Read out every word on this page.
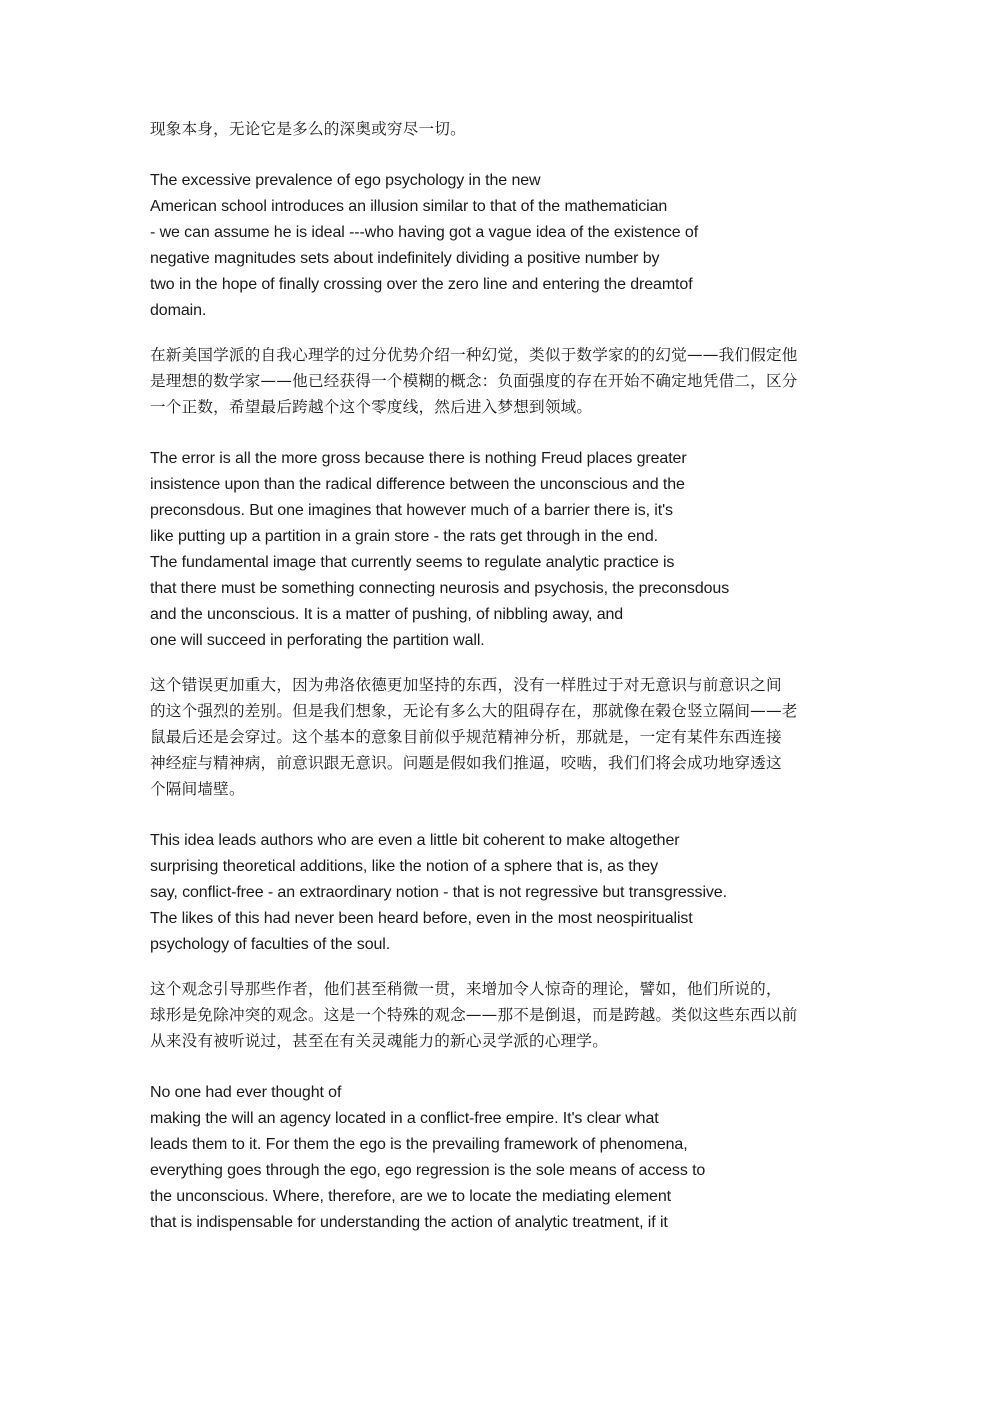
现象本身，无论它是多么的深奥或穷尽一切。
The excessive prevalence of ego psychology in the new
American school introduces an illusion similar to that of the mathematician
- we can assume he is ideal ---who having got a vague idea of the existence of
negative magnitudes sets about indefinitely dividing a positive number by
two in the hope of finally crossing over the zero line and entering the dreamtof
domain.
在新美国学派的自我心理学的过分优势介绍一种幻觉，类似于数学家的的幻觉——我们假定他
是理想的数学家——他已经获得一个模糊的概念：负面强度的存在开始不确定地凭借二，区分
一个正数，希望最后跨越个这个零度线，然后进入梦想到领域。
The error is all the more gross because there is nothing Freud places greater
insistence upon than the radical difference between the unconscious and the
preconsdous. But one imagines that however much of a barrier there is, it's
like putting up a partition in a grain store - the rats get through in the end.
The fundamental image that currently seems to regulate analytic practice is
that there must be something connecting neurosis and psychosis, the preconsdous
and the unconscious. It is a matter of pushing, of nibbling away, and
one will succeed in perforating the partition wall.
这个错误更加重大，因为弗洛依德更加坚持的东西，没有一样胜过于对无意识与前意识之间
的这个强烈的差别。但是我们想象，无论有多么大的阻碍存在，那就像在榖仓竖立隔间——老
鼠最后还是会穿过。这个基本的意象目前似乎规范精神分析，那就是，一定有某件东西连接
神经症与精神病，前意识跟无意识。问题是假如我们推逼，咬啮，我们们将会成功地穿透这
个隔间墙壁。
This idea leads authors who are even a little bit coherent to make altogether
surprising theoretical additions, like the notion of a sphere that is, as they
say, conflict-free - an extraordinary notion - that is not regressive but transgressive.
The likes of this had never been heard before, even in the most neospiritualist
psychology of faculties of the soul.
这个观念引导那些作者，他们甚至稍微一贯，来增加令人惊奇的理论，譬如，他们所说的，
球形是免除冲突的观念。这是一个特殊的观念——那不是倒退，而是跨越。类似这些东西以前
从来没有被听说过，甚至在有关灵魂能力的新心灵学派的心理学。
No one had ever thought of
making the will an agency located in a conflict-free empire. It's clear what
leads them to it. For them the ego is the prevailing framework of phenomena,
everything goes through the ego, ego regression is the sole means of access to
the unconscious. Where, therefore, are we to locate the mediating element
that is indispensable for understanding the action of analytic treatment, if it
